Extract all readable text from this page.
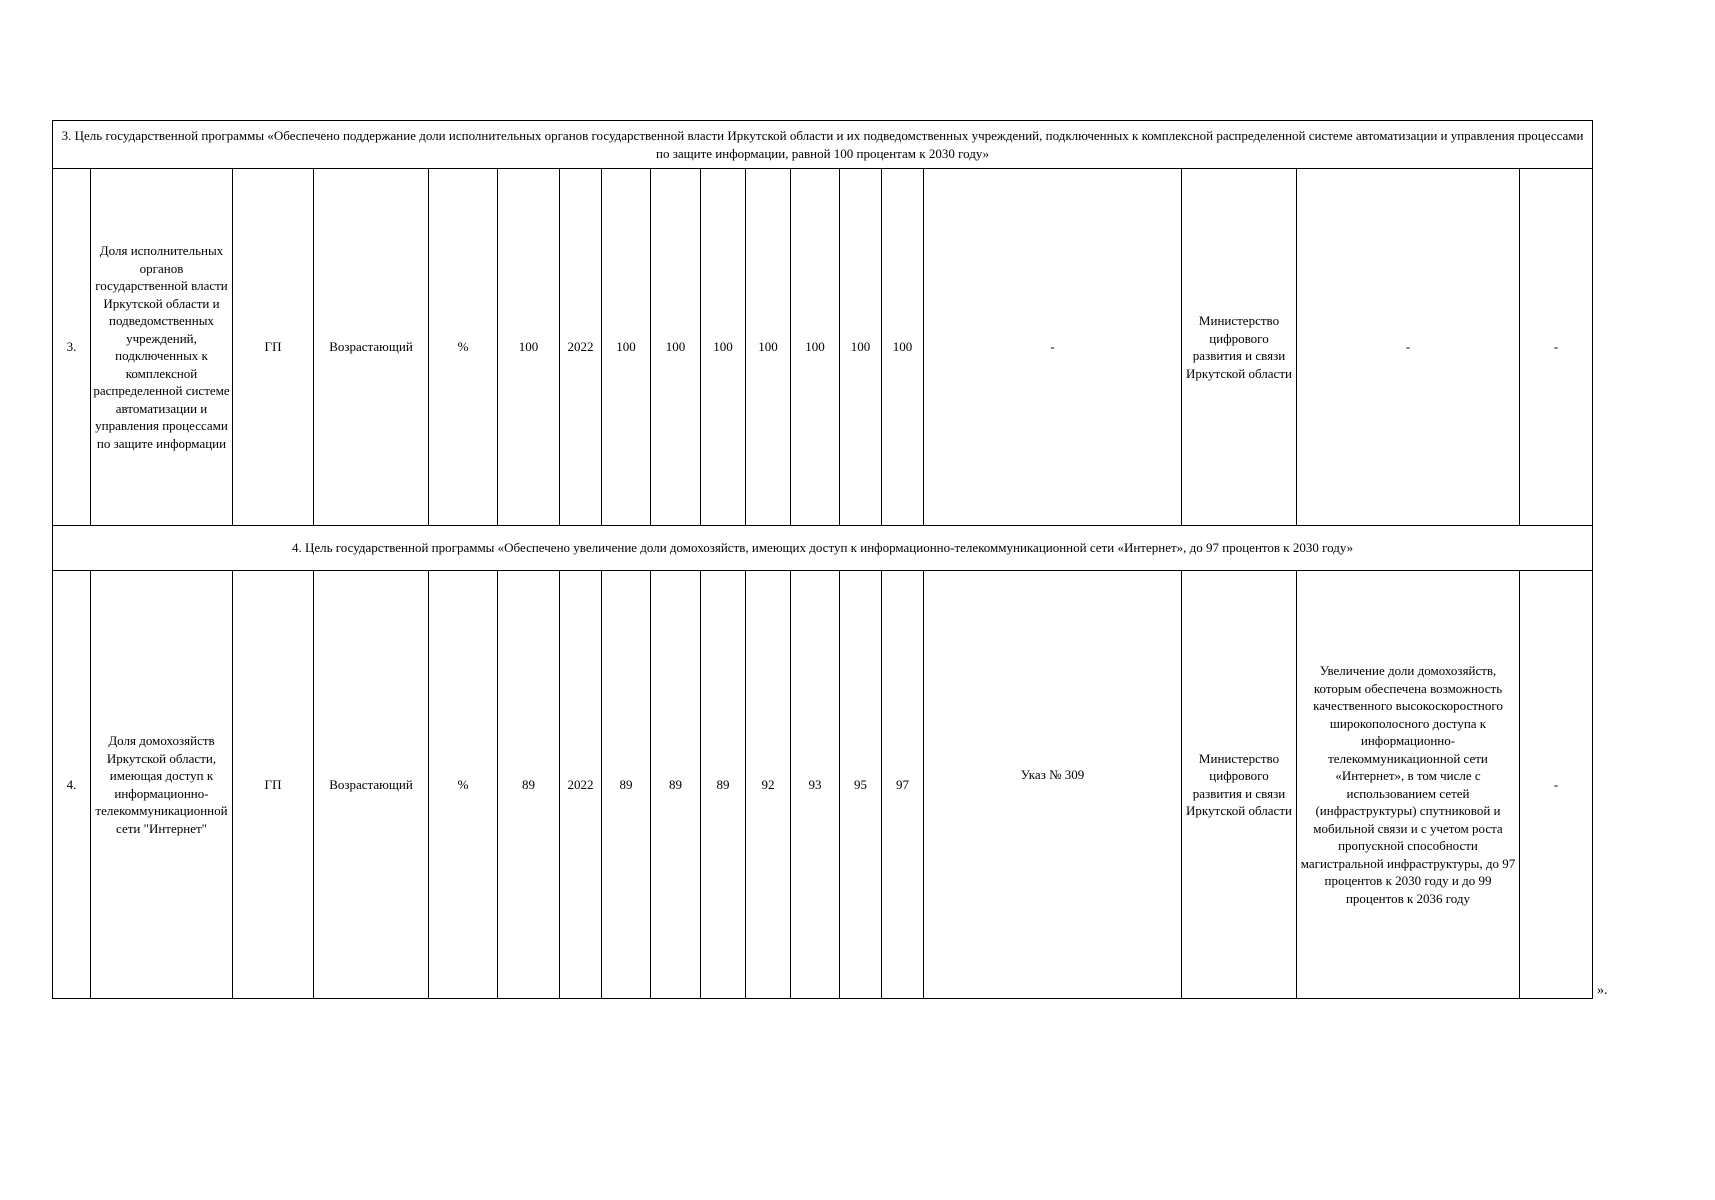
3. Цель государственной программы «Обеспечено поддержание доли исполнительных органов государственной власти Иркутской области и их подведомственных учреждений, подключенных к комплексной распределенной системе автоматизации и управления процессами по защите информации, равной 100 процентам к 2030 году»																	
3.	Доля исполнительных органов государственной власти Иркутской области и подведомственных учреждений, подключенных к комплексной распределенной системе автоматизации и управления процессами по защите информации	ГП	Возрастающий	%	100	2022	100	100	100	100	100	100	100	-	Министерство цифрового развития и связи Иркутской области	-	-
4. Цель государственной программы «Обеспечено увеличение доли домохозяйств, имеющих доступ к информационно-телекоммуникационной сети «Интернет», до 97 процентов к 2030 году»																	
4.	Доля домохозяйств Иркутской области, имеющая доступ к информационно-телекоммуникационной сети "Интернет"	ГП	Возрастающий	%	89	2022	89	89	89	92	93	95	97	Указ № 309	Министерство цифрового развития и связи Иркутской области	Увеличение доли домохозяйств, которым обеспечена возможность качественного высокоскоростного широкополосного доступа к информационно-телекоммуникационной сети «Интернет», в том числе с использованием сетей (инфраструктуры) спутниковой и мобильной связи и с учетом роста пропускной способности магистральной инфраструктуры, до 97 процентов к 2030 году и до 99 процентов к 2036 году	-
».
